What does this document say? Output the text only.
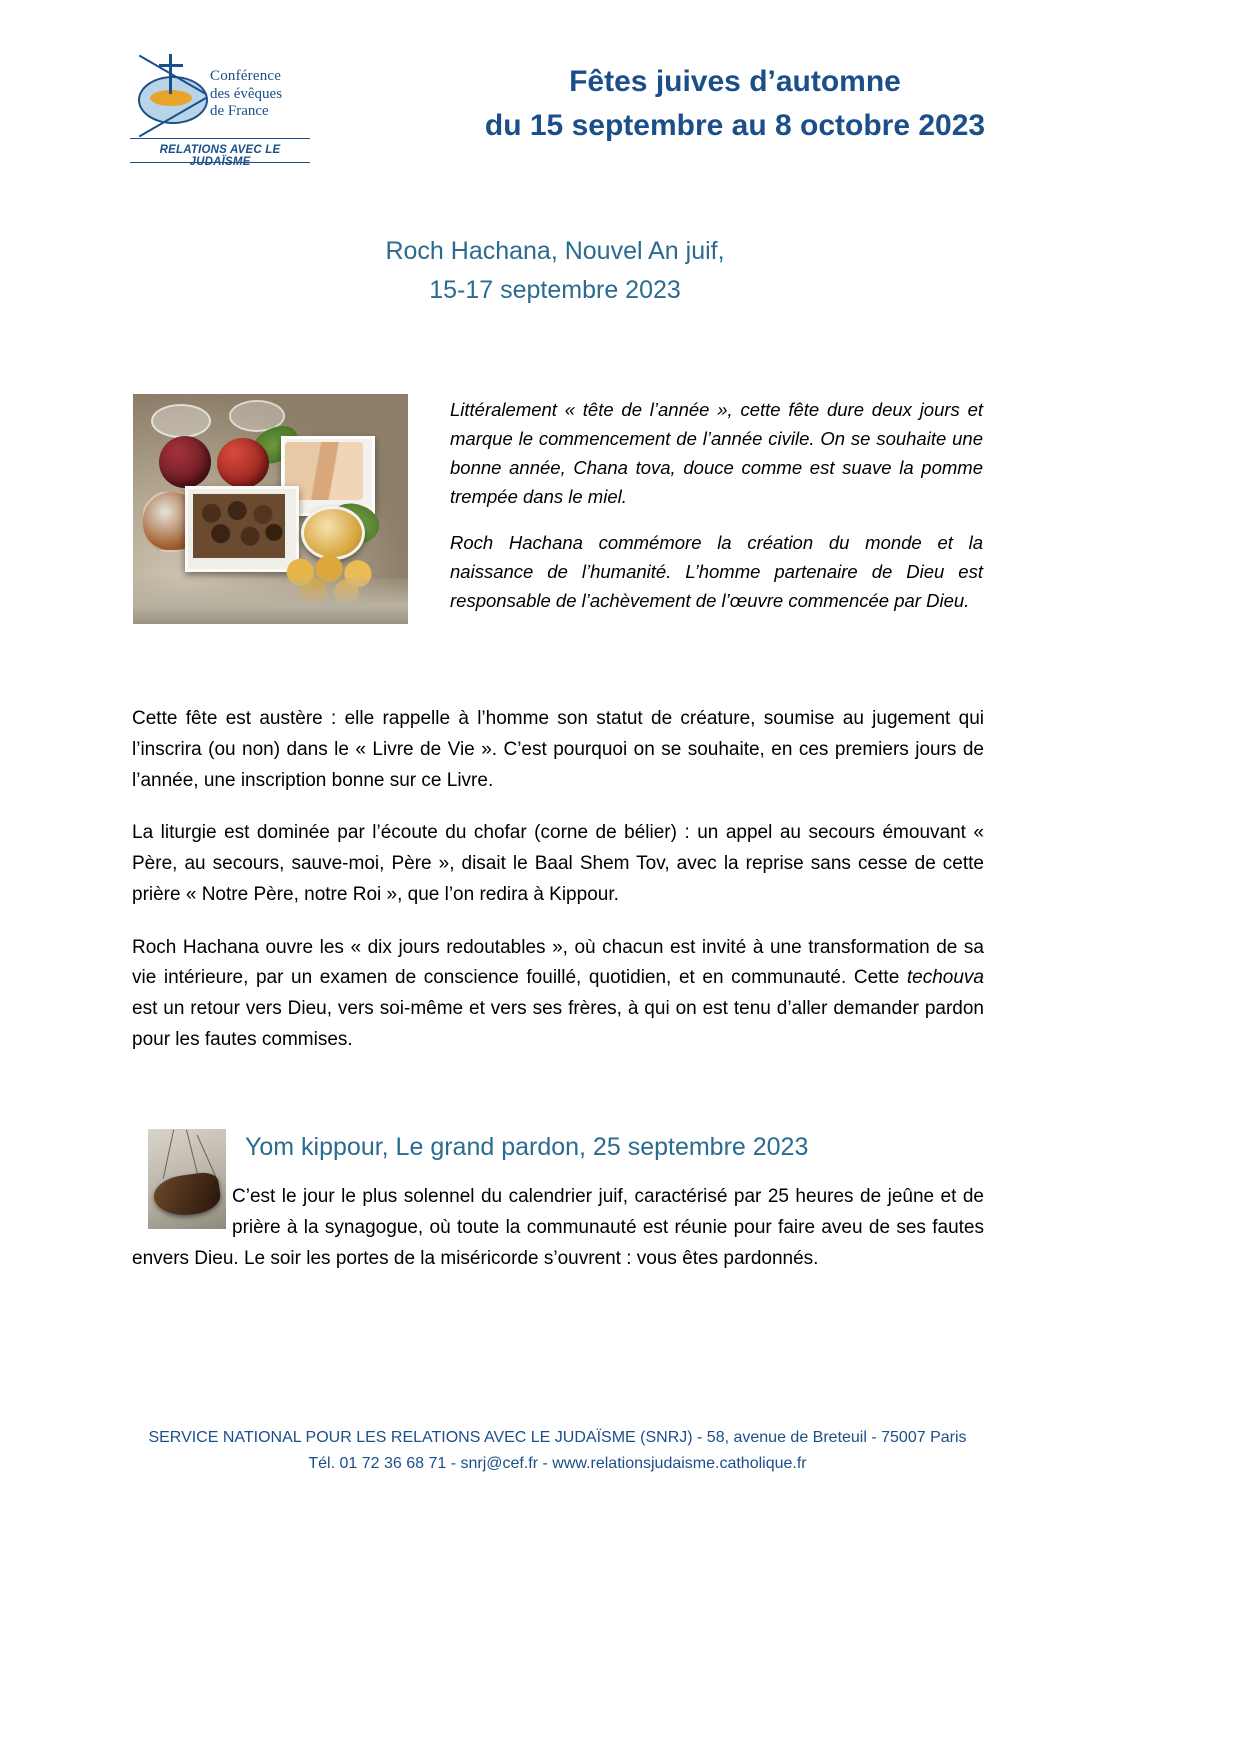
Conférence
des évêques
de France
RELATIONS AVEC LE JUDAÏSME
Fêtes juives d’automne
du 15 septembre au 8 octobre 2023
Roch Hachana, Nouvel An juif,
15-17 septembre 2023

Littéralement « tête de l’année », cette fête dure deux jours et marque le commencement de l’année civile. On se souhaite une bonne année, Chana tova, douce comme est suave la pomme trempée dans le miel.

Roch Hachana commémore la création du monde et la naissance de l’humanité. L’homme partenaire de Dieu est responsable de l’achèvement de l’œuvre commencée par Dieu.

Cette fête est austère : elle rappelle à l’homme son statut de créature, soumise au jugement qui l’inscrira (ou non) dans le « Livre de Vie ». C’est pourquoi on se souhaite, en ces premiers jours de l’année, une inscription bonne sur ce Livre.

La liturgie est dominée par l’écoute du chofar (corne de bélier) : un appel au secours émouvant « Père, au secours, sauve-moi, Père », disait le Baal Shem Tov, avec la reprise sans cesse de cette prière « Notre Père, notre Roi », que l’on redira à Kippour.

Roch Hachana ouvre les « dix jours redoutables », où chacun est invité à une transformation de sa vie intérieure, par un examen de conscience fouillé, quotidien, et en communauté. Cette techouva est un retour vers Dieu, vers soi-même et vers ses frères, à qui on est tenu d’aller demander pardon pour les fautes commises.

Yom kippour, Le grand pardon, 25 septembre 2023

C’est le jour le plus solennel du calendrier juif, caractérisé par 25 heures de jeûne et de prière à la synagogue, où toute la communauté est réunie pour faire aveu de ses fautes envers Dieu. Le soir les portes de la miséricorde s’ouvrent : vous êtes pardonnés.

SERVICE NATIONAL POUR LES RELATIONS AVEC LE JUDAÏSME (SNRJ) - 58, avenue de Breteuil - 75007 Paris
Tél. 01 72 36 68 71 - snrj@cef.fr - www.relationsjudaisme.catholique.fr
